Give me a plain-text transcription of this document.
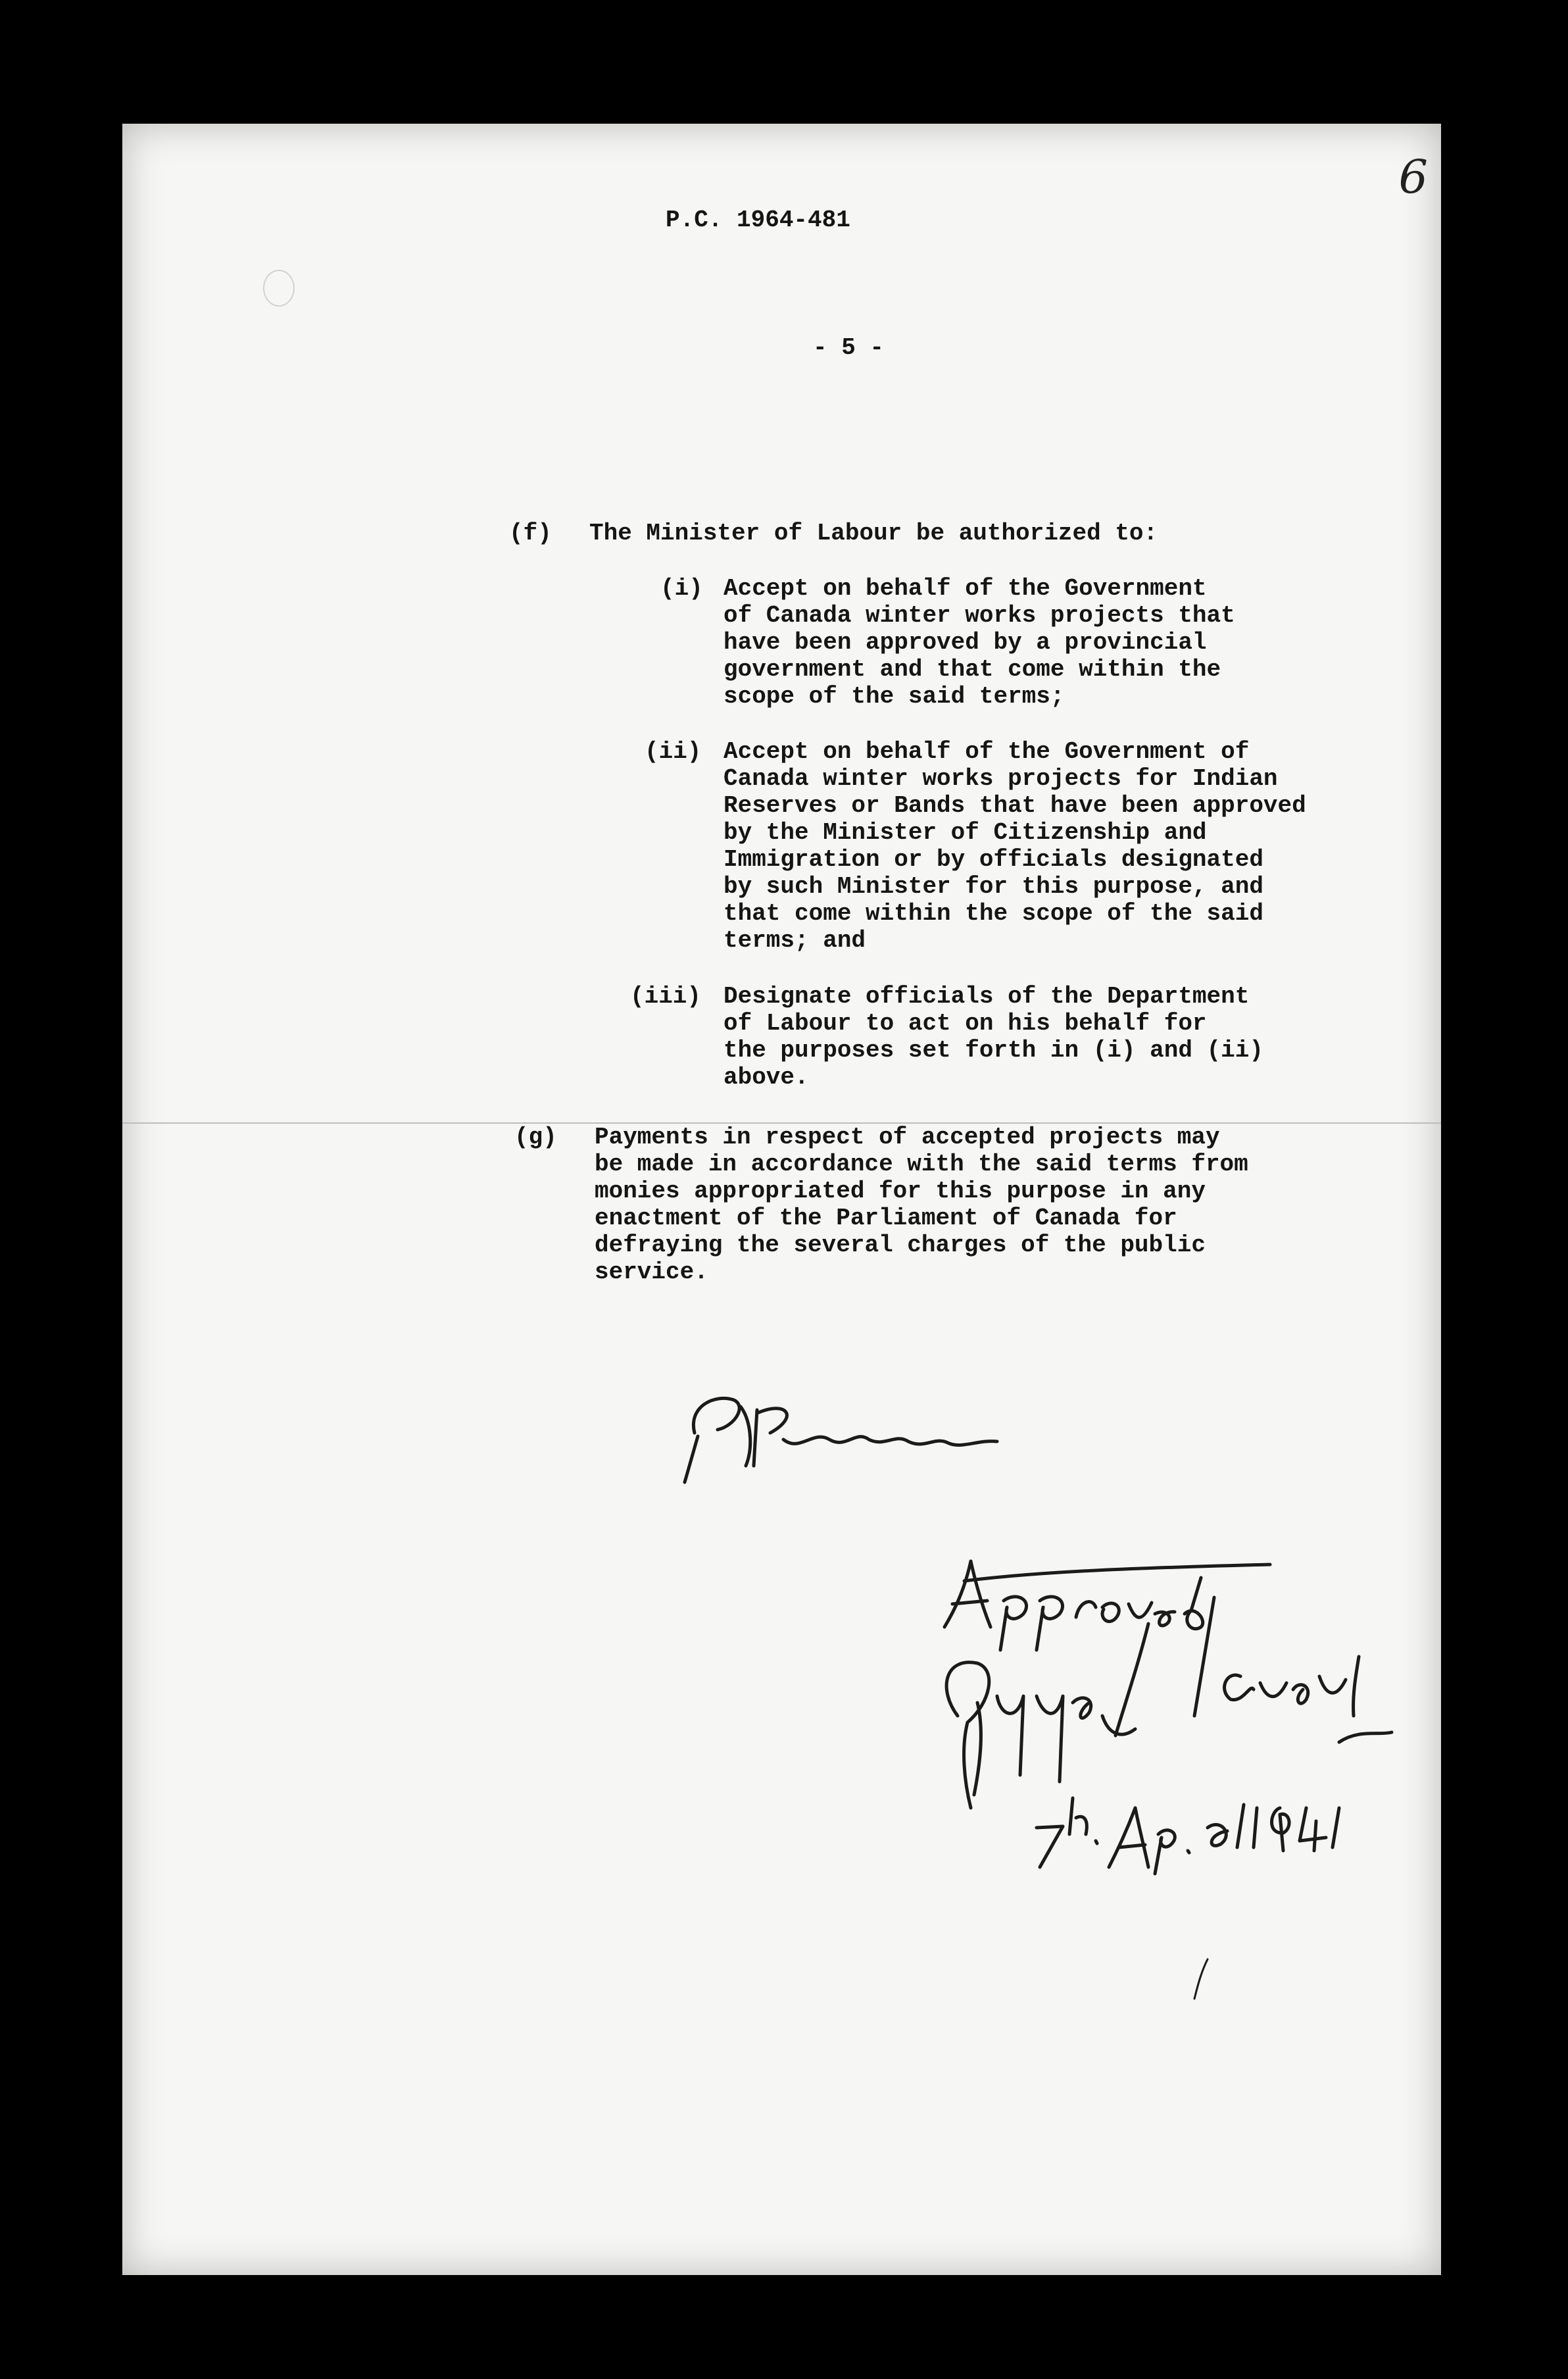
6
P.C. 1964-481
- 5 -
(f) The Minister of Labour be authorized to:
(i) Accept on behalf of the Government
of Canada winter works projects that
have been approved by a provincial
government and that come within the
scope of the said terms;
(ii) Accept on behalf of the Government of
Canada winter works projects for Indian
Reserves or Bands that have been approved
by the Minister of Citizenship and
Immigration or by officials designated
by such Minister for this purpose, and
that come within the scope of the said
terms; and
(iii) Designate officials of the Department
of Labour to act on his behalf for
the purposes set forth in (i) and (ii)
above.
(g) Payments in respect of accepted projects may
be made in accordance with the said terms from
monies appropriated for this purpose in any
enactment of the Parliament of Canada for
defraying the several charges of the public
service.
